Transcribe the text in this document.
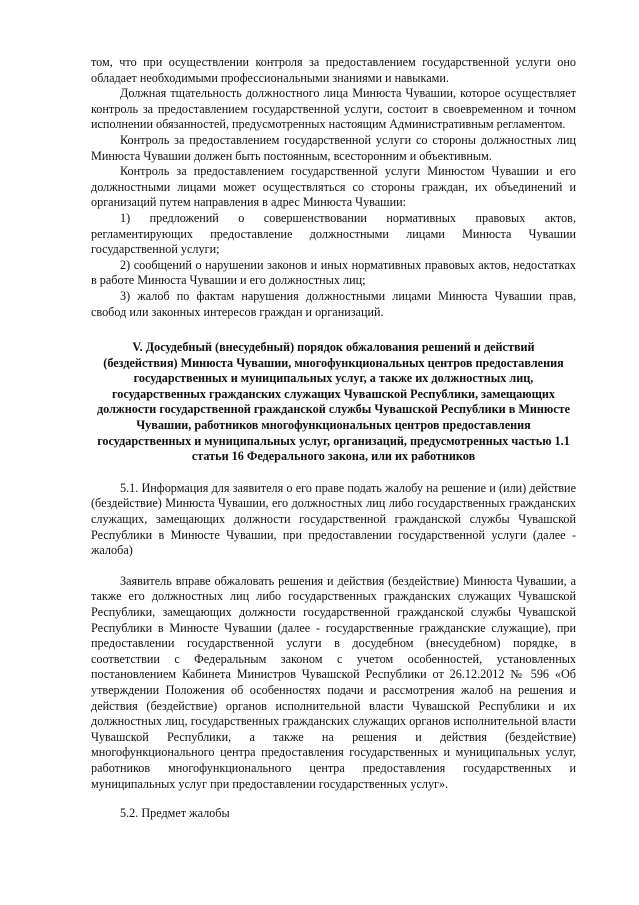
том, что при осуществлении контроля за предоставлением государственной услуги оно обладает необходимыми профессиональными знаниями и навыками.

Должная тщательность должностного лица Минюста Чувашии, которое осуществляет контроль за предоставлением государственной услуги, состоит в своевременном и точном исполнении обязанностей, предусмотренных настоящим Административным регламентом.

Контроль за предоставлением государственной услуги со стороны должностных лиц Минюста Чувашии должен быть постоянным, всесторонним и объективным.

Контроль за предоставлением государственной услуги Минюстом Чувашии и его должностными лицами может осуществляться со стороны граждан, их объединений и организаций путем направления в адрес Минюста Чувашии:

1) предложений о совершенствовании нормативных правовых актов, регламентирующих предоставление должностными лицами Минюста Чувашии государственной услуги;

2) сообщений о нарушении законов и иных нормативных правовых актов, недостатках в работе Минюста Чувашии и его должностных лиц;

3) жалоб по фактам нарушения должностными лицами Минюста Чувашии прав, свобод или законных интересов граждан и организаций.

V. Досудебный (внесудебный) порядок обжалования решений и действий (бездействия) Минюста Чувашии, многофункциональных центров предоставления государственных и муниципальных услуг, а также их должностных лиц, государственных гражданских служащих Чувашской Республики, замещающих должности государственной гражданской службы Чувашской Республики в Минюсте Чувашии, работников многофункциональных центров предоставления государственных и муниципальных услуг, организаций, предусмотренных частью 1.1 статьи 16 Федерального закона, или их работников

5.1. Информация для заявителя о его праве подать жалобу на решение и (или) действие (бездействие) Минюста Чувашии, его должностных лиц либо государственных гражданских служащих, замещающих должности государственной гражданской службы Чувашской Республики в Минюсте Чувашии, при предоставлении государственной услуги (далее - жалоба)

Заявитель вправе обжаловать решения и действия (бездействие) Минюста Чувашии, а также его должностных лиц либо государственных гражданских служащих Чувашской Республики, замещающих должности государственной гражданской службы Чувашской Республики в Минюсте Чувашии (далее - государственные гражданские служащие), при предоставлении государственной услуги в досудебном (внесудебном) порядке, в соответствии с Федеральным законом с учетом особенностей, установленных постановлением Кабинета Министров Чувашской Республики от 26.12.2012 № 596 «Об утверждении Положения об особенностях подачи и рассмотрения жалоб на решения и действия (бездействие) органов исполнительной власти Чувашской Республики и их должностных лиц, государственных гражданских служащих органов исполнительной власти Чувашской Республики, а также на решения и действия (бездействие) многофункционального центра предоставления государственных и муниципальных услуг, работников многофункционального центра предоставления государственных и муниципальных услуг при предоставлении государственных услуг».

5.2. Предмет жалобы
